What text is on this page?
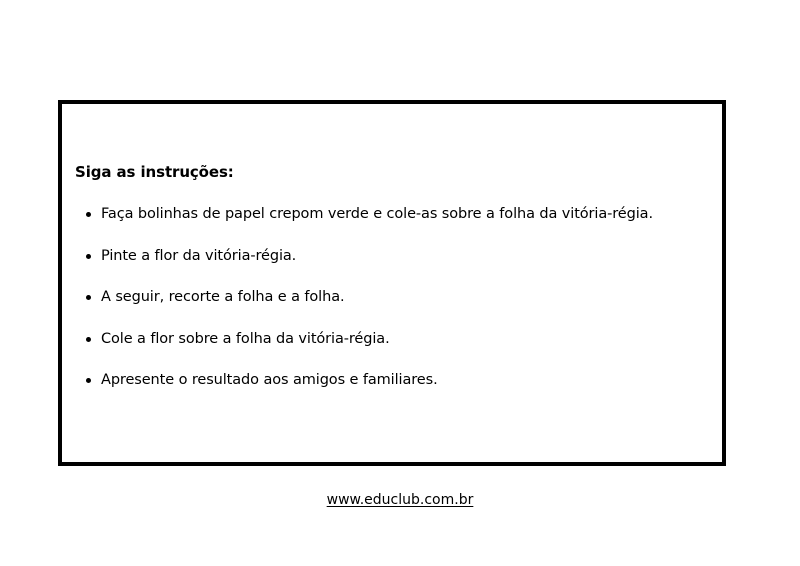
Siga as instruções:

Faça bolinhas de papel crepom verde e cole-as sobre a folha da vitória-régia.
Pinte a flor da vitória-régia.
A seguir, recorte a folha e a folha.
Cole a flor sobre a folha da vitória-régia.
Apresente o resultado aos amigos e familiares.
www.educlub.com.br
